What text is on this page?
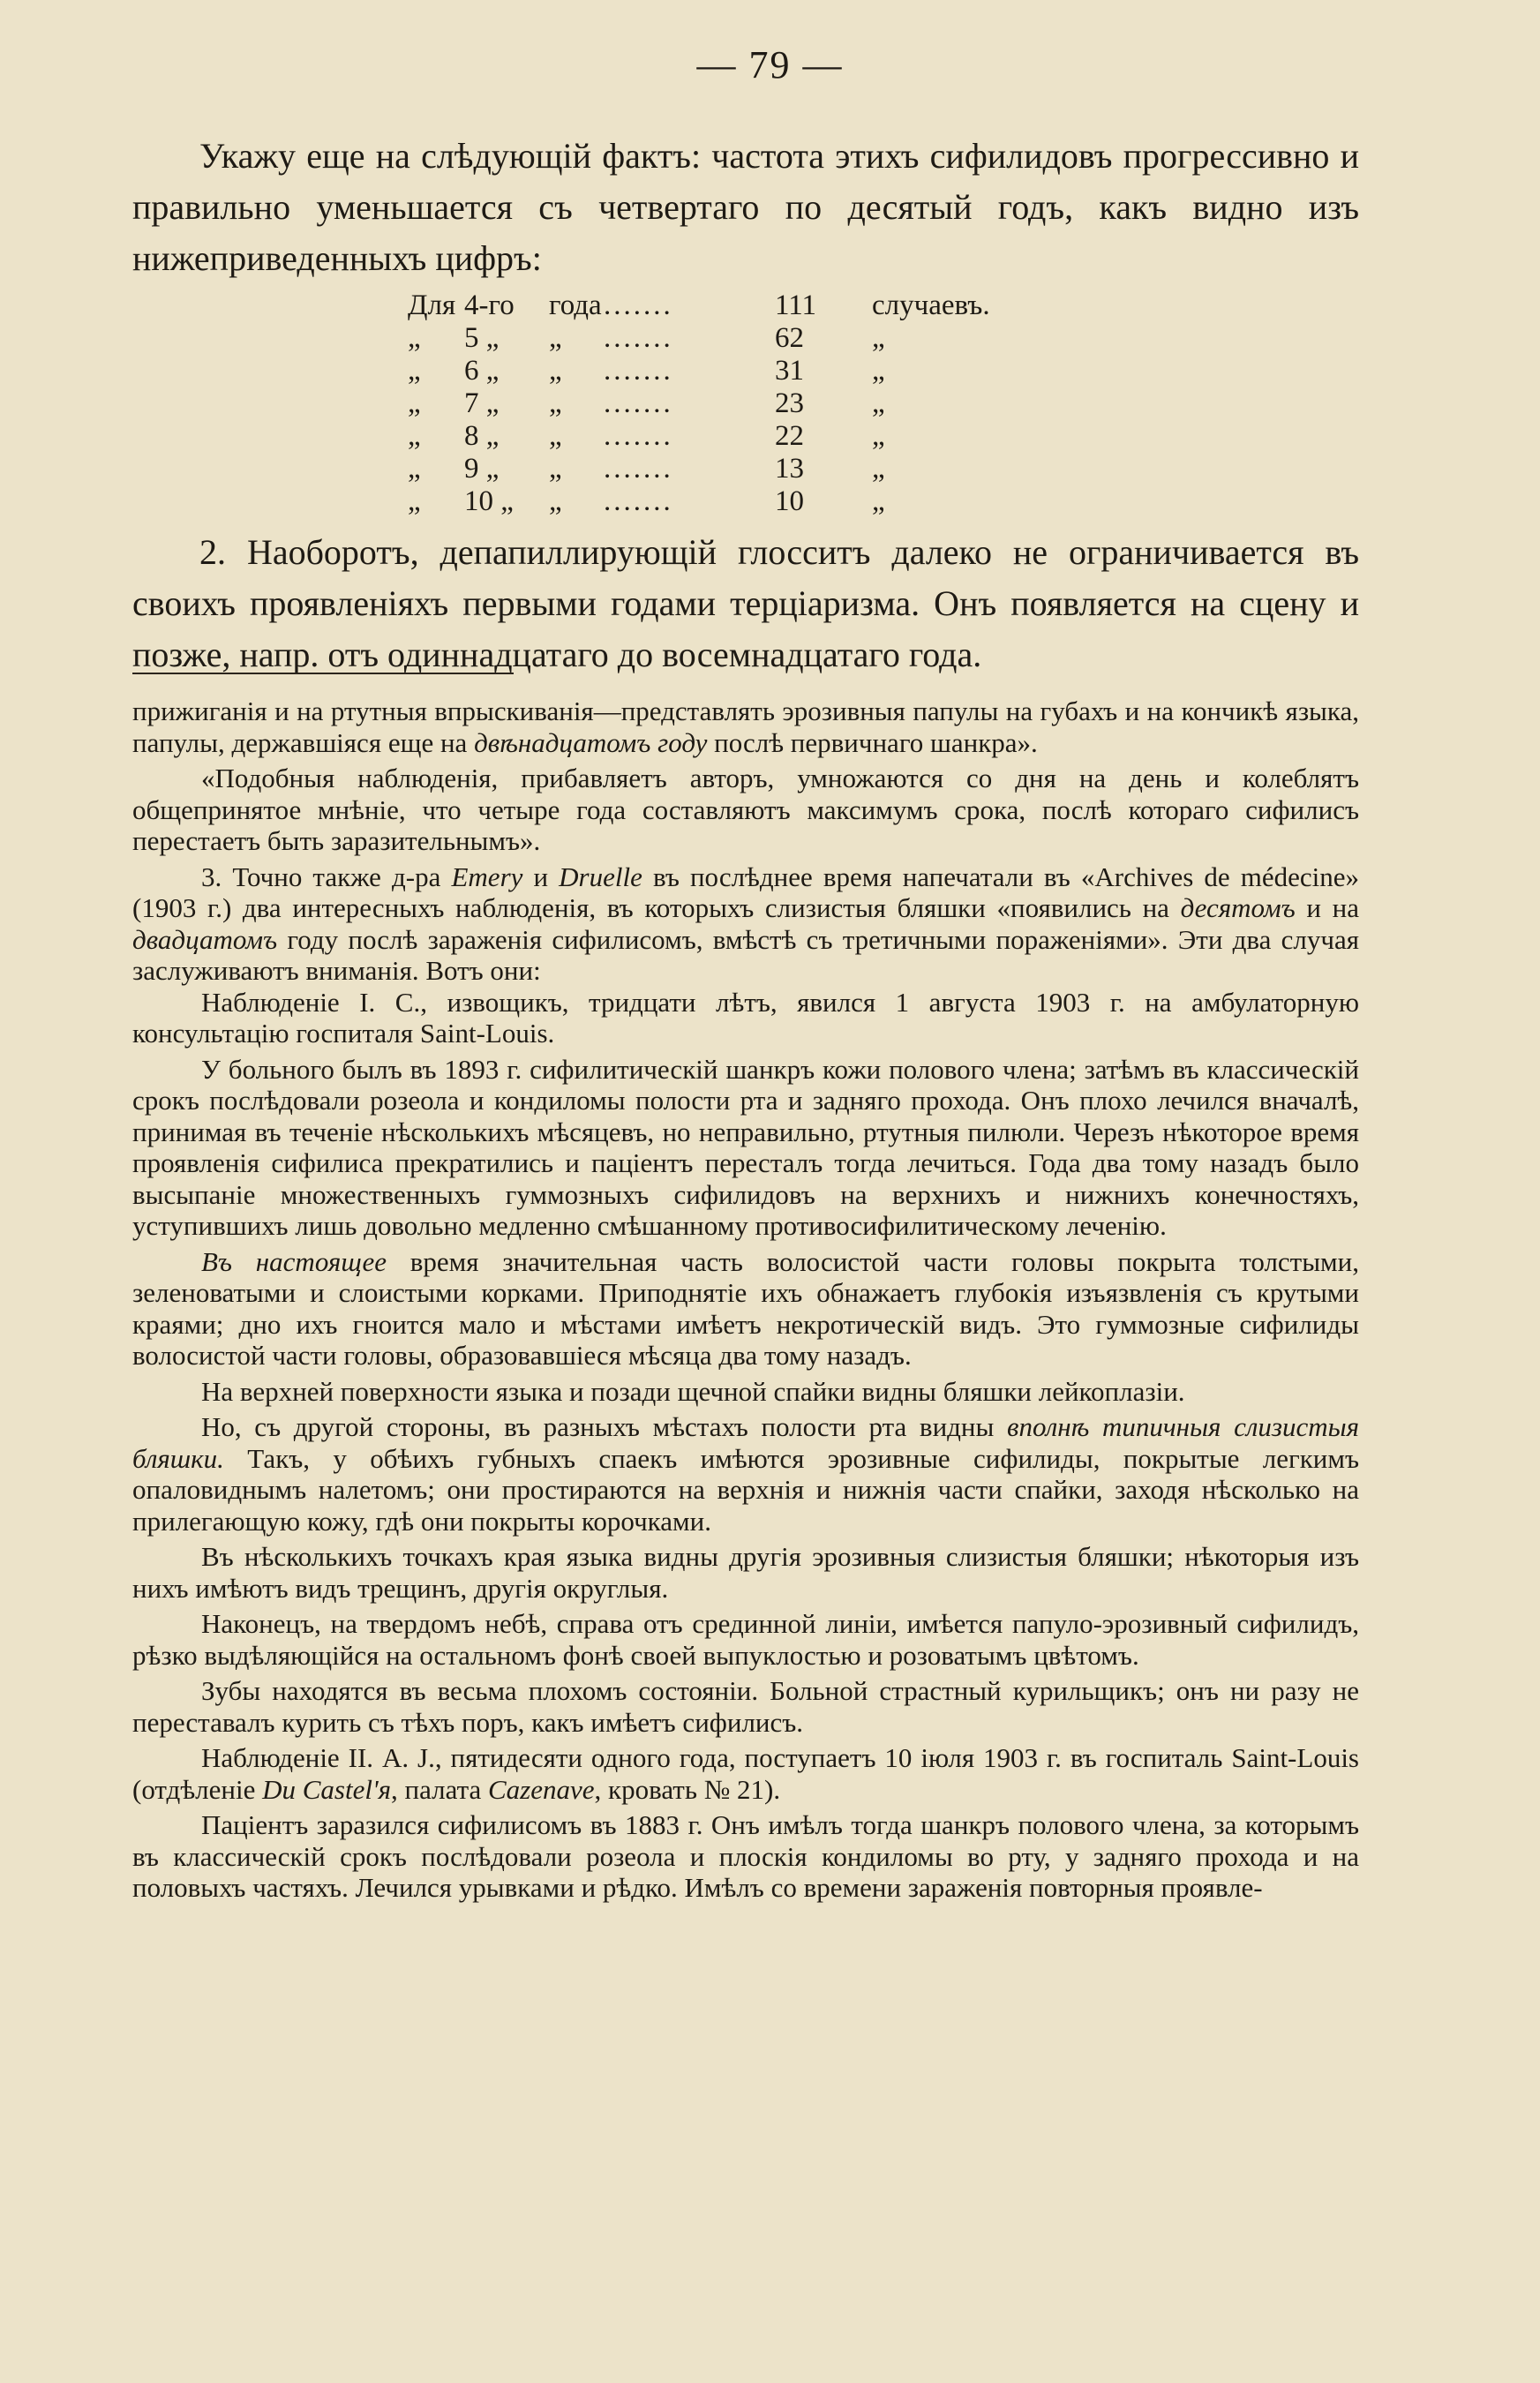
— 79 —

Укажу еще на слѣдующій фактъ: частота этихъ сифилидовъ прогрессивно и правильно уменьшается съ четвертаго по десятый годъ, какъ видно изъ нижеприведенныхъ цифръ:

Для 4-го	года .......	111	случаевъ.
„	5 „	„	.......	62	„
„	6 „	„	.......	31	„
„	7 „	„	.......	23	„
„	8 „	„	.......	22	„
„	9 „	„	.......	13	„
„	10 „	„	.......	10	„

2. Наоборотъ, депапиллирующій глосситъ далеко не ограничивается въ своихъ проявленіяхъ первыми годами терціаризма. Онъ появляется на сцену и позже, напр. отъ одиннадцатаго до восемнадцатаго года.

прижиганія и на ртутныя впрыскиванія—представлять эрозивныя папулы на губахъ и на кончикѣ языка, папулы, державшіяся еще на двѣнадцатомъ году послѣ первичнаго шанкра».

«Подобныя наблюденія, прибавляетъ авторъ, умножаются со дня на день и колеблятъ общепринятое мнѣніе, что четыре года составляютъ максимумъ срока, послѣ котораго сифилисъ перестаетъ быть заразительнымъ».

3. Точно также д-ра Emery и Druelle въ послѣднее время напечатали въ «Archives de médecine» (1903 г.) два интересныхъ наблюденія, въ которыхъ слизистыя бляшки «появились на десятомъ и на двадцатомъ году послѣ зараженія сифилисомъ, вмѣстѣ съ третичными пораженіями». Эти два случая заслуживаютъ вниманія. Вотъ они:

Наблюденіе I. С., извощикъ, тридцати лѣтъ, явился 1 августа 1903 г. на амбулаторную консультацію госпиталя Saint-Louis.

У больного былъ въ 1893 г. сифилитическій шанкръ кожи полового члена; затѣмъ въ классическій срокъ послѣдовали розеола и кондиломы полости рта и задняго прохода. Онъ плохо лечился вначалѣ, принимая въ теченіе нѣсколькихъ мѣсяцевъ, но неправильно, ртутныя пилюли. Черезъ нѣкоторое время проявленія сифилиса прекратились и паціентъ пересталъ тогда лечиться. Года два тому назадъ было высыпаніе множественныхъ гуммозныхъ сифилидовъ на верхнихъ и нижнихъ конечностяхъ, уступившихъ лишь довольно медленно смѣшанному противосифилитическому леченію.

Въ настоящее время значительная часть волосистой части головы покрыта толстыми, зеленоватыми и слоистыми корками. Приподнятіе ихъ обнажаетъ глубокія изъязвленія съ крутыми краями; дно ихъ гноится мало и мѣстами имѣетъ некротическій видъ. Это гуммозные сифилиды волосистой части головы, образовавшіеся мѣсяца два тому назадъ.

На верхней поверхности языка и позади щечной спайки видны бляшки лейкоплазіи.

Но, съ другой стороны, въ разныхъ мѣстахъ полости рта видны вполнѣ типичныя слизистыя бляшки. Такъ, у обѣихъ губныхъ спаекъ имѣются эрозивные сифилиды, покрытые легкимъ опаловиднымъ налетомъ; они простираются на верхнія и нижнія части спайки, заходя нѣсколько на прилегающую кожу, гдѣ они покрыты корочками.

Въ нѣсколькихъ точкахъ края языка видны другія эрозивныя слизистыя бляшки; нѣкоторыя изъ нихъ имѣютъ видъ трещинъ, другія округлыя.

Наконецъ, на твердомъ небѣ, справа отъ срединной линіи, имѣется папуло-эрозивный сифилидъ, рѣзко выдѣляющійся на остальномъ фонѣ своей выпуклостью и розоватымъ цвѣтомъ.

Зубы находятся въ весьма плохомъ состояніи. Больной страстный курильщикъ; онъ ни разу не переставалъ курить съ тѣхъ поръ, какъ имѣетъ сифилисъ.

Наблюденіе II. А. J., пятидесяти одного года, поступаетъ 10 іюля 1903 г. въ госпиталь Saint-Louis (отдѣленіе Du Castel'я, палата Cazenave, кровать № 21).

Паціентъ заразился сифилисомъ въ 1883 г. Онъ имѣлъ тогда шанкръ полового члена, за которымъ въ классическій срокъ послѣдовали розеола и плоскія кондиломы во рту, у задняго прохода и на половыхъ частяхъ. Лечился урывками и рѣдко. Имѣлъ со времени зараженія повторныя проявле-
